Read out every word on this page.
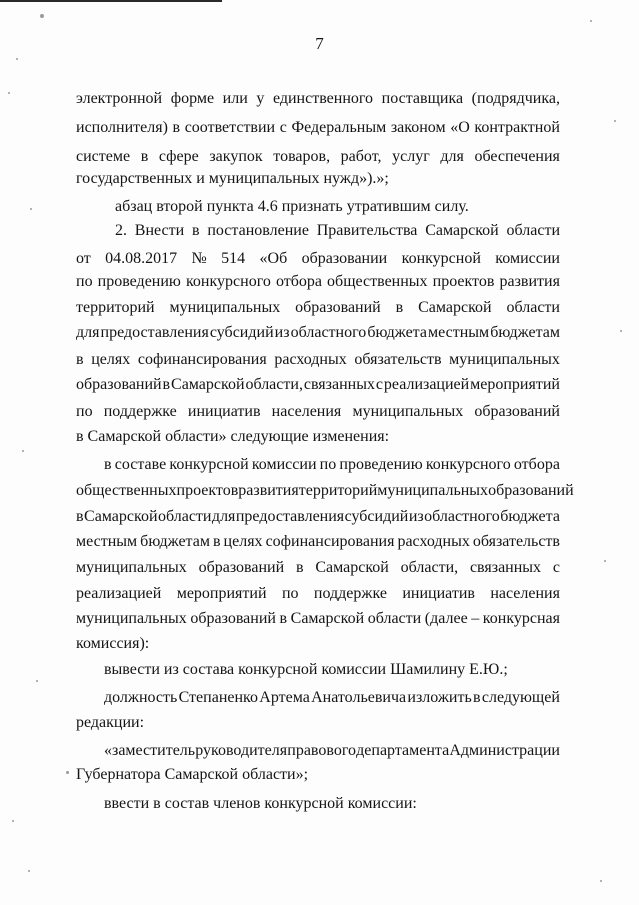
7
электронной форме или у единственного поставщика (подрядчика,
исполнителя) в соответствии с Федеральным законом «О контрактной
системе в сфере закупок товаров, работ, услуг для обеспечения
государственных и муниципальных нужд»).»;
абзац второй пункта 4.6 признать утратившим силу.
2. Внести в постановление Правительства Самарской области
от 04.08.2017 № 514 «Об образовании конкурсной комиссии
по проведению конкурсного отбора общественных проектов развития
территорий муниципальных образований в Самарской области
для предоставления субсидий из областного бюджета местным бюджетам
в целях софинансирования расходных обязательств муниципальных
образований в Самарской области, связанных с реализацией мероприятий
по поддержке инициатив населения муниципальных образований
в Самарской области» следующие изменения:
в составе конкурсной комиссии по проведению конкурсного отбора
общественных проектов развития территорий муниципальных образований
в Самарской области для предоставления субсидий из областного бюджета
местным бюджетам в целях софинансирования расходных обязательств
муниципальных образований в Самарской области, связанных с
реализацией мероприятий по поддержке инициатив населения
муниципальных образований в Самарской области (далее – конкурсная
комиссия):
вывести из состава конкурсной комиссии Шамилину Е.Ю.;
должность Степаненко Артема Анатольевича изложить в следующей
редакции:
«заместитель руководителя правового департамента Администрации
Губернатора Самарской области»;
ввести в состав членов конкурсной комиссии:
